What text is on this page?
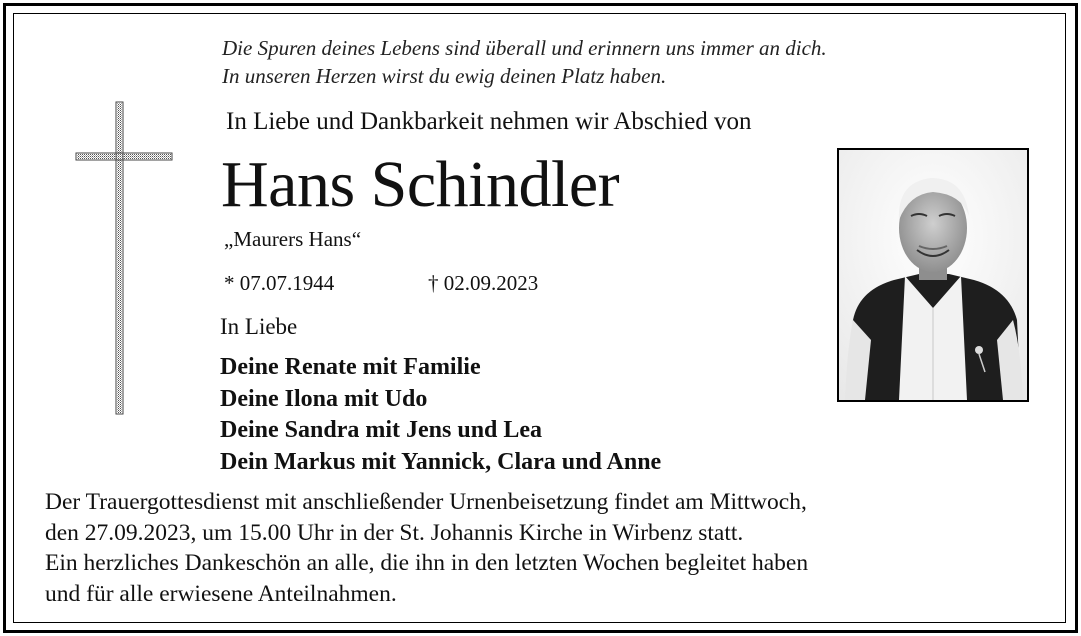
Die Spuren deines Lebens sind überall und erinnern uns immer an dich.
In unseren Herzen wirst du ewig deinen Platz haben.
In Liebe und Dankbarkeit nehmen wir Abschied von
Hans Schindler
„Maurers Hans“
* 07.07.1944	† 02.09.2023
In Liebe
Deine Renate mit Familie
Deine Ilona mit Udo
Deine Sandra mit Jens und Lea
Dein Markus mit Yannick, Clara und Anne
Der Trauergottesdienst mit anschließender Urnenbeisetzung findet am Mittwoch,
den 27.09.2023, um 15.00 Uhr in der St. Johannis Kirche in Wirbenz statt.
Ein herzliches Dankeschön an alle, die ihn in den letzten Wochen begleitet haben
und für alle erwiesene Anteilnahmen.
